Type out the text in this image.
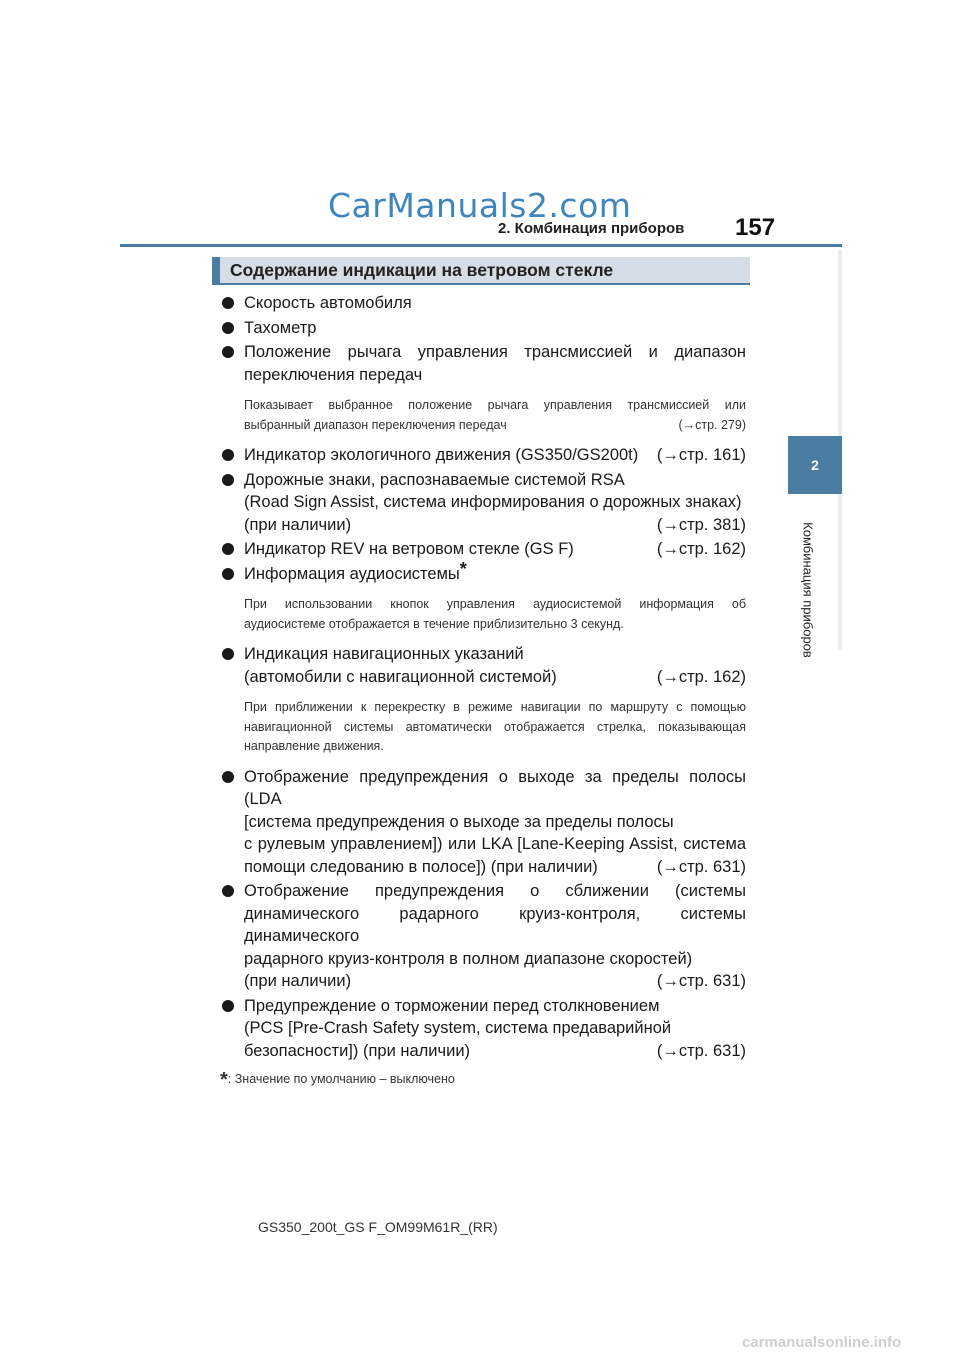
CarManuals2.com
2. Комбинация приборов	157
2
Комбинация приборов
Содержание индикации на ветровом стекле

Скорость автомобиля

Тахометр

Положение рычага управления трансмиссией и диапазон
переключения передач

Показывает выбранное положение рычага управления трансмиссией или
выбранный диапазон переключения передач	(→стр. 279)

Индикатор экологичного движения (GS350/GS200t) (→стр. 161)

Дорожные знаки, распознаваемые системой RSA
(Road Sign Assist, система информирования о дорожных знаках)
(при наличии)	(→стр. 381)

Индикатор REV на ветровом стекле (GS F)	(→стр. 162)

Информация аудиосистемы*

При использовании кнопок управления аудиосистемой информация об
аудиосистеме отображается в течение приблизительно 3 секунд.

Индикация навигационных указаний
(автомобили с навигационной системой)	(→стр. 162)

При приближении к перекрестку в режиме навигации по маршруту с помощью
навигационной системы автоматически отображается стрелка, показывающая
направление движения.

Отображение предупреждения о выходе за пределы полосы (LDA
[система предупреждения о выходе за пределы полосы
с рулевым управлением]) или LKA [Lane-Keeping Assist, система
помощи следованию в полосе]) (при наличии)	(→стр. 631)

Отображение предупреждения о сближении (системы
динамического радарного круиз-контроля, системы динамического
радарного круиз-контроля в полном диапазоне скоростей)
(при наличии)	(→стр. 631)

Предупреждение о торможении перед столкновением
(PCS [Pre-Crash Safety system, система предаварийной
безопасности]) (при наличии)	(→стр. 631)

*: Значение по умолчанию – выключено

GS350_200t_GS F_OM99M61R_(RR)
carmanualsonline.info
